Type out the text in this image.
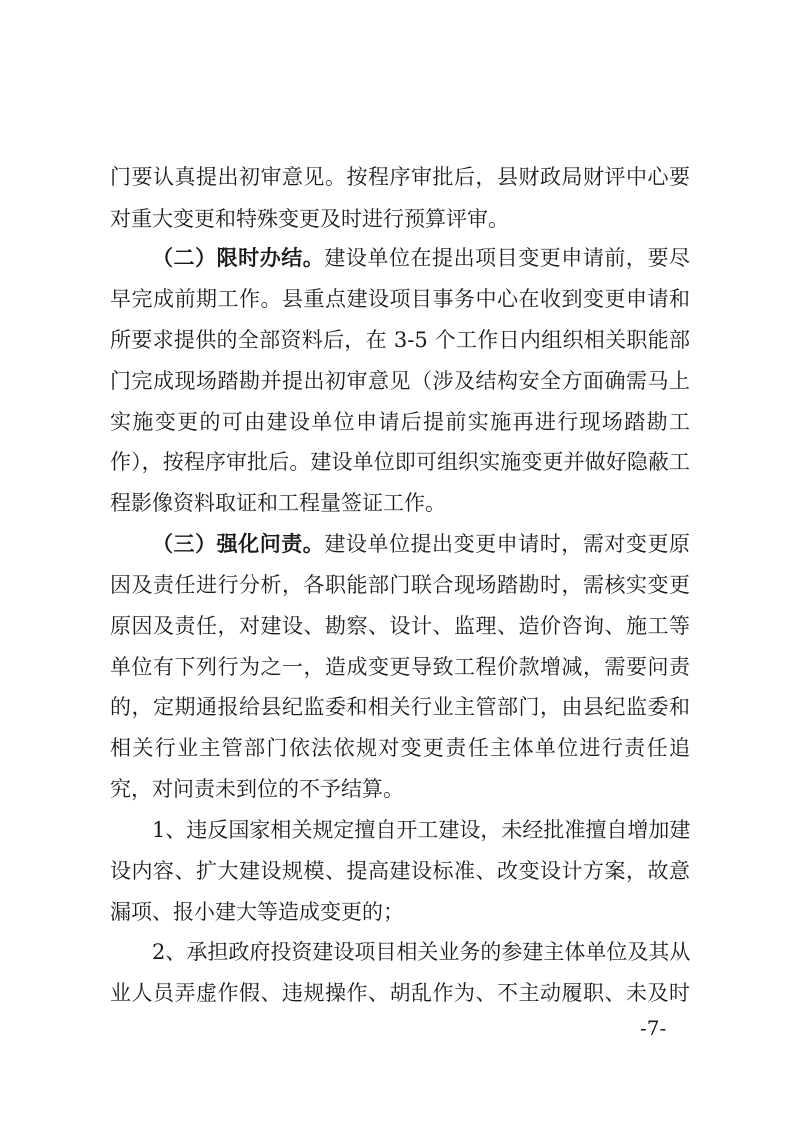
门要认真提出初审意见。按程序审批后，县财政局财评中心要
对重大变更和特殊变更及时进行预算评审。
（二）限时办结。建设单位在提出项目变更申请前，要尽
早完成前期工作。县重点建设项目事务中心在收到变更申请和
所要求提供的全部资料后，在 3-5 个工作日内组织相关职能部
门完成现场踏勘并提出初审意见（涉及结构安全方面确需马上
实施变更的可由建设单位申请后提前实施再进行现场踏勘工
作），按程序审批后。建设单位即可组织实施变更并做好隐蔽工
程影像资料取证和工程量签证工作。
（三）强化问责。建设单位提出变更申请时，需对变更原
因及责任进行分析，各职能部门联合现场踏勘时，需核实变更
原因及责任，对建设、勘察、设计、监理、造价咨询、施工等
单位有下列行为之一，造成变更导致工程价款增减，需要问责
的，定期通报给县纪监委和相关行业主管部门，由县纪监委和
相关行业主管部门依法依规对变更责任主体单位进行责任追
究，对问责未到位的不予结算。
1、违反国家相关规定擅自开工建设，未经批准擅自增加建
设内容、扩大建设规模、提高建设标准、改变设计方案，故意
漏项、报小建大等造成变更的；
2、承担政府投资建设项目相关业务的参建主体单位及其从
业人员弄虚作假、违规操作、胡乱作为、不主动履职、未及时
-7-
